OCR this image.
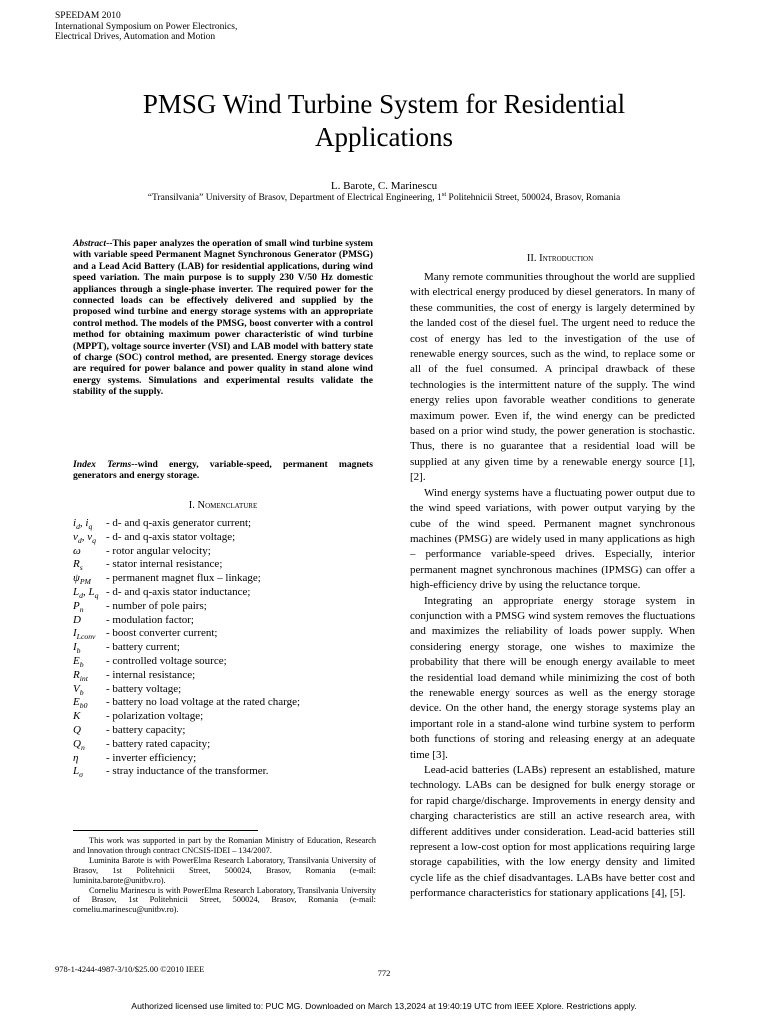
SPEEDAM 2010
International Symposium on Power Electronics,
Electrical Drives, Automation and Motion
PMSG Wind Turbine System for Residential
Applications
L. Barote, C. Marinescu
“Transilvania” University of Brasov, Department of Electrical Engineering, 1st Politehnicii Street, 500024, Brasov, Romania
Abstract--This paper analyzes the operation of small wind turbine system with variable speed Permanent Magnet Synchronous Generator (PMSG) and a Lead Acid Battery (LAB) for residential applications, during wind speed variation. The main purpose is to supply 230 V/50 Hz domestic appliances through a single-phase inverter. The required power for the connected loads can be effectively delivered and supplied by the proposed wind turbine and energy storage systems with an appropriate control method. The models of the PMSG, boost converter with a control method for obtaining maximum power characteristic of wind turbine (MPPT), voltage source inverter (VSI) and LAB model with battery state of charge (SOC) control method, are presented. Energy storage devices are required for power balance and power quality in stand alone wind energy systems. Simulations and experimental results validate the stability of the supply.
Index Terms--wind energy, variable-speed, permanent magnets generators and energy storage.
I. Nomenclature
$i_d$, $i_q - d-$ and q-axis generator current;
$v_d$, $v_q - d-$ and q-axis stator voltage;
ω - rotor angular velocity;
$R_s$ - stator internal resistance;
$\psi_{PM}$ - permanent magnet flux – linkage;
$L_d$, $L_q - d-$ and q-axis stator inductance;
$P_n$ - number of pole pairs;
D - modulation factor;
$I_{Lconv}$ - boost converter current;
$I_b$ - battery current;
$E_b$ - controlled voltage source;
$R_{int}$ - internal resistance;
$V_b$ - battery voltage;
$E_{b0}$ - battery no load voltage at the rated charge;
K - polarization voltage;
Q - battery capacity;
$Q_n$ - battery rated capacity;
η	- inverter efficiency;
$L_\sigma$ - stray inductance of the transformer.

This work was supported in part by the Romanian Ministry of Education, Research and Innovation through contract CNCSIS-IDEI – 134/2007.

Luminita Barote is with PowerElma Research Laboratory, Transilvania University of Brasov, 1st Politehnicii Street, 500024, Brasov, Romania (e-mail: luminita.barote@unitbv.ro).

Corneliu Marinescu is with PowerElma Research Laboratory, Transilvania University of Brasov, 1st Politehnicii Street, 500024, Brasov, Romania (e-mail: corneliu.marinescu@unitbv.ro).

II. Introduction

Many remote communities throughout the world are supplied with electrical energy produced by diesel generators. In many of these communities, the cost of energy is largely determined by the landed cost of the diesel fuel. The urgent need to reduce the cost of energy has led to the investigation of the use of renewable energy sources, such as the wind, to replace some or all of the fuel consumed. A principal drawback of these technologies is the intermittent nature of the supply. The wind energy relies upon favorable weather conditions to generate maximum power. Even if, the wind energy can be predicted based on a prior wind study, the power generation is stochastic. Thus, there is no guarantee that a residential load will be supplied at any given time by a renewable energy source [1], [2].

Wind energy systems have a fluctuating power output due to the wind speed variations, with power output varying by the cube of the wind speed. Permanent magnet synchronous machines (PMSG) are widely used in many applications as high – performance variable-speed drives. Especially, interior permanent magnet synchronous machines (IPMSG) can offer a high-efficiency drive by using the reluctance torque.

Integrating an appropriate energy storage system in conjunction with a PMSG wind system removes the fluctuations and maximizes the reliability of loads power supply. When considering energy storage, one wishes to maximize the probability that there will be enough energy available to meet the residential load demand while minimizing the cost of both the renewable energy sources as well as the energy storage device. On the other hand, the energy storage systems play an important role in a stand-alone wind turbine system to perform both functions of storing and releasing energy at an adequate time [3].

Lead-acid batteries (LABs) represent an established, mature technology. LABs can be designed for bulk energy storage or for rapid charge/discharge. Improvements in energy density and charging characteristics are still an active research area, with different additives under consideration. Lead-acid batteries still represent a low-cost option for most applications requiring large storage capabilities, with the low energy density and limited cycle life as the chief disadvantages. LABs have better cost and performance characteristics for stationary applications [4], [5].

978-1-4244-4987-3/10/$25.00 ©2010 IEEE	772
Authorized licensed use limited to: PUC MG. Downloaded on March 13,2024 at 19:40:19 UTC from IEEE Xplore. Restrictions apply.
